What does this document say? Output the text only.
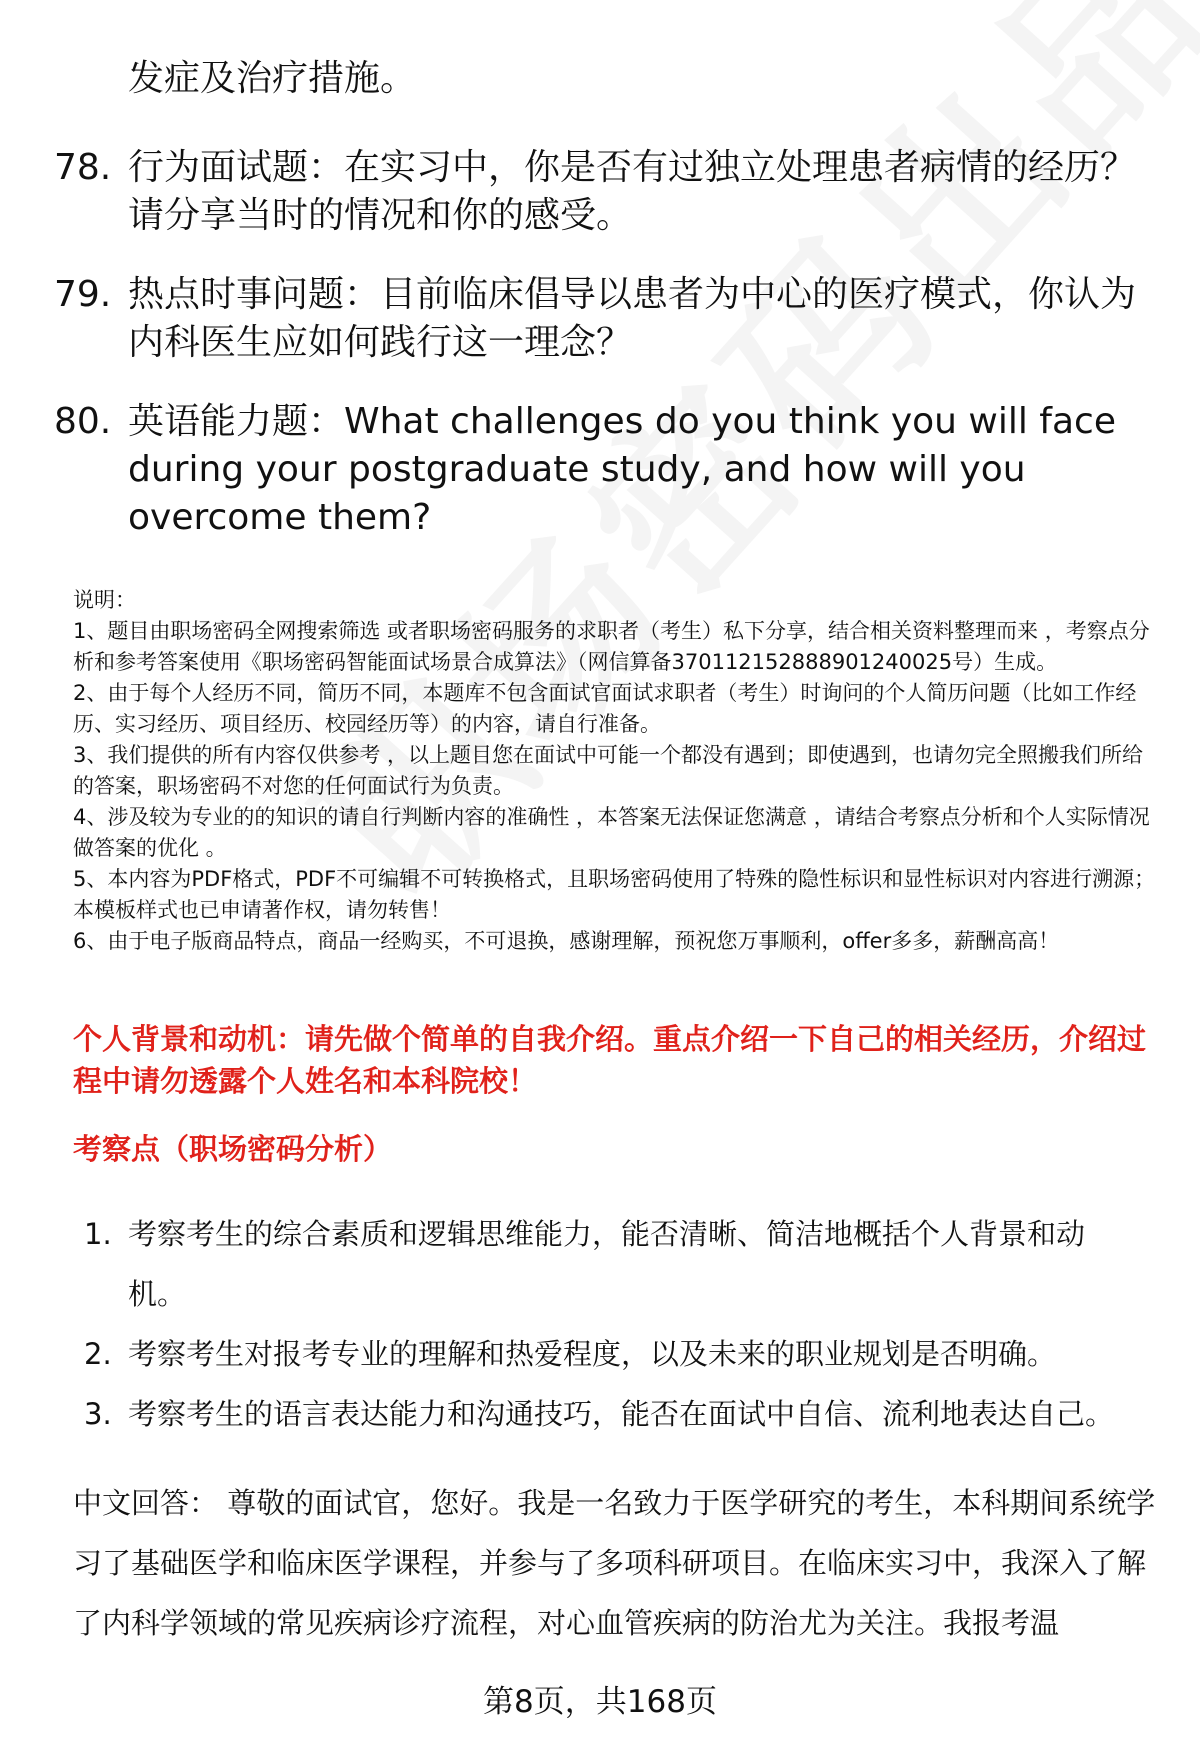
发症及治疗措施。
78. 行为面试题：在实习中，你是否有过独立处理患者病情的经历？请分享当时的情况和你的感受。
79. 热点时事问题：目前临床倡导以患者为中心的医疗模式，你认为内科医生应如何践行这一理念？
80. 英语能力题：What challenges do you think you will face during your postgraduate study, and how will you overcome them?
说明：
1、题目由职场密码全网搜索筛选 或者职场密码服务的求职者（考生）私下分享，结合相关资料整理而来 ，考察点分析和参考答案使用《职场密码智能面试场景合成算法》（网信算备370112152888901240025号）生成。
2、由于每个人经历不同，简历不同，本题库不包含面试官面试求职者（考生）时询问的个人简历问题（比如工作经历、实习经历、项目经历、校园经历等）的内容，请自行准备。
3、我们提供的所有内容仅供参考 ，以上题目您在面试中可能一个都没有遇到；即使遇到，也请勿完全照搬我们所给的答案，职场密码不对您的任何面试行为负责。
4、涉及较为专业的的知识的请自行判断内容的准确性 ，本答案无法保证您满意 ，请结合考察点分析和个人实际情况做答案的优化 。
5、本内容为PDF格式，PDF不可编辑不可转换格式，且职场密码使用了特殊的隐性标识和显性标识对内容进行溯源；本模板样式也已申请著作权，请勿转售！
6、由于电子版商品特点，商品一经购买，不可退换，感谢理解，预祝您万事顺利，offer多多，薪酬高高！
个人背景和动机：请先做个简单的自我介绍。重点介绍一下自己的相关经历，介绍过程中请勿透露个人姓名和本科院校！
考察点（职场密码分析）
1. 考察考生的综合素质和逻辑思维能力，能否清晰、简洁地概括个人背景和动机。
2. 考察考生对报考专业的理解和热爱程度，以及未来的职业规划是否明确。
3. 考察考生的语言表达能力和沟通技巧，能否在面试中自信、流利地表达自己。
中文回答： 尊敬的面试官，您好。我是一名致力于医学研究的考生，本科期间系统学习了基础医学和临床医学课程，并参与了多项科研项目。在临床实习中，我深入了解了内科学领域的常见疾病诊疗流程，对心血管疾病的防治尤为关注。我报考温
第8页，共168页
